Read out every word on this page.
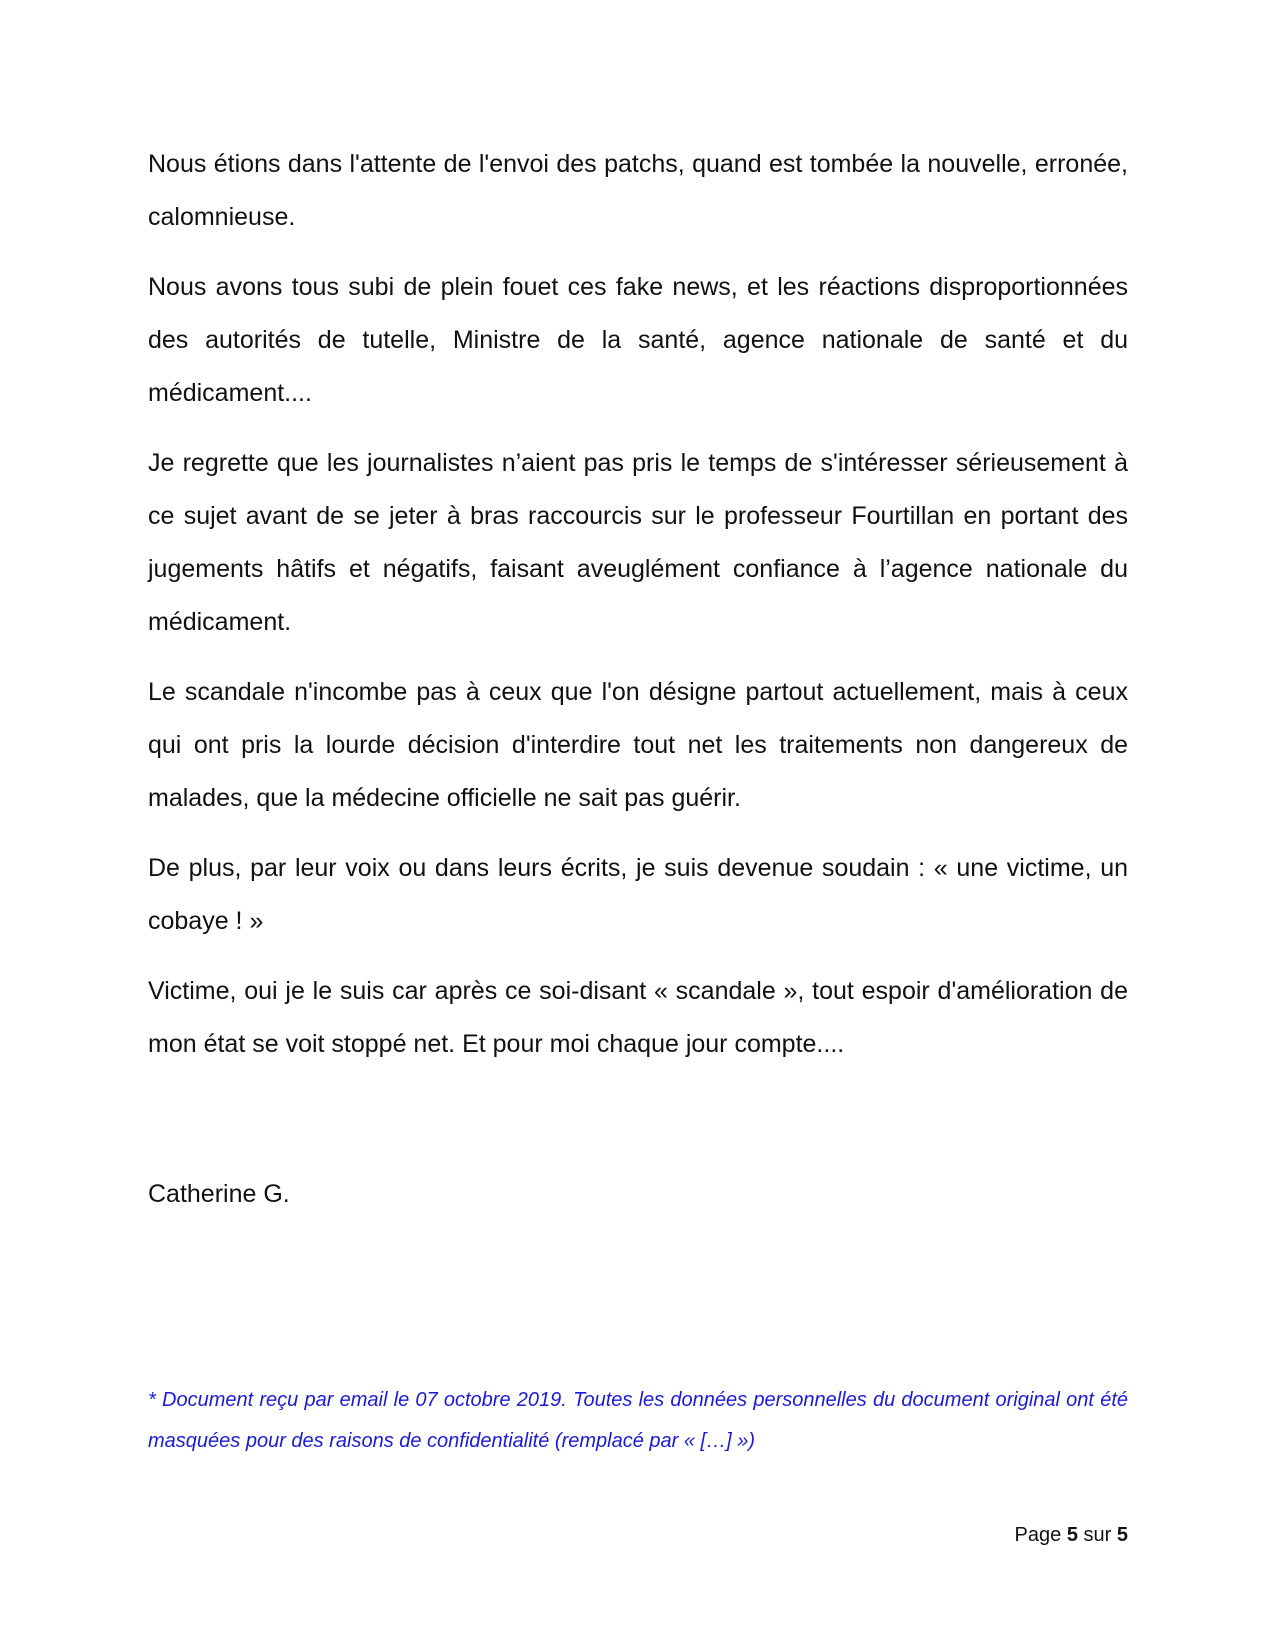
Nous étions dans l'attente de l'envoi des patchs, quand est tombée la nouvelle, erronée, calomnieuse.

Nous avons tous subi de plein fouet ces fake news, et les réactions disproportionnées des autorités de tutelle, Ministre de la santé, agence nationale de santé et du médicament....

Je regrette que les journalistes n’aient pas pris le temps de s'intéresser sérieusement à ce sujet avant de se jeter à bras raccourcis sur le professeur Fourtillan en portant des jugements hâtifs et négatifs, faisant aveuglément confiance à l’agence nationale du médicament.

Le scandale n'incombe pas à ceux que l'on désigne partout actuellement, mais à ceux qui ont pris la lourde décision d'interdire tout net les traitements non dangereux de malades, que la médecine officielle ne sait pas guérir.

De plus, par leur voix ou dans leurs écrits, je suis devenue soudain : « une victime, un cobaye ! »

Victime, oui je le suis car après ce soi-disant « scandale », tout espoir d'amélioration de mon état se voit stoppé net. Et pour moi chaque jour compte....

Catherine G.

* Document reçu par email le 07 octobre 2019. Toutes les données personnelles du document original ont été masquées pour des raisons de confidentialité (remplacé par « […] »)

Page 5 sur 5
